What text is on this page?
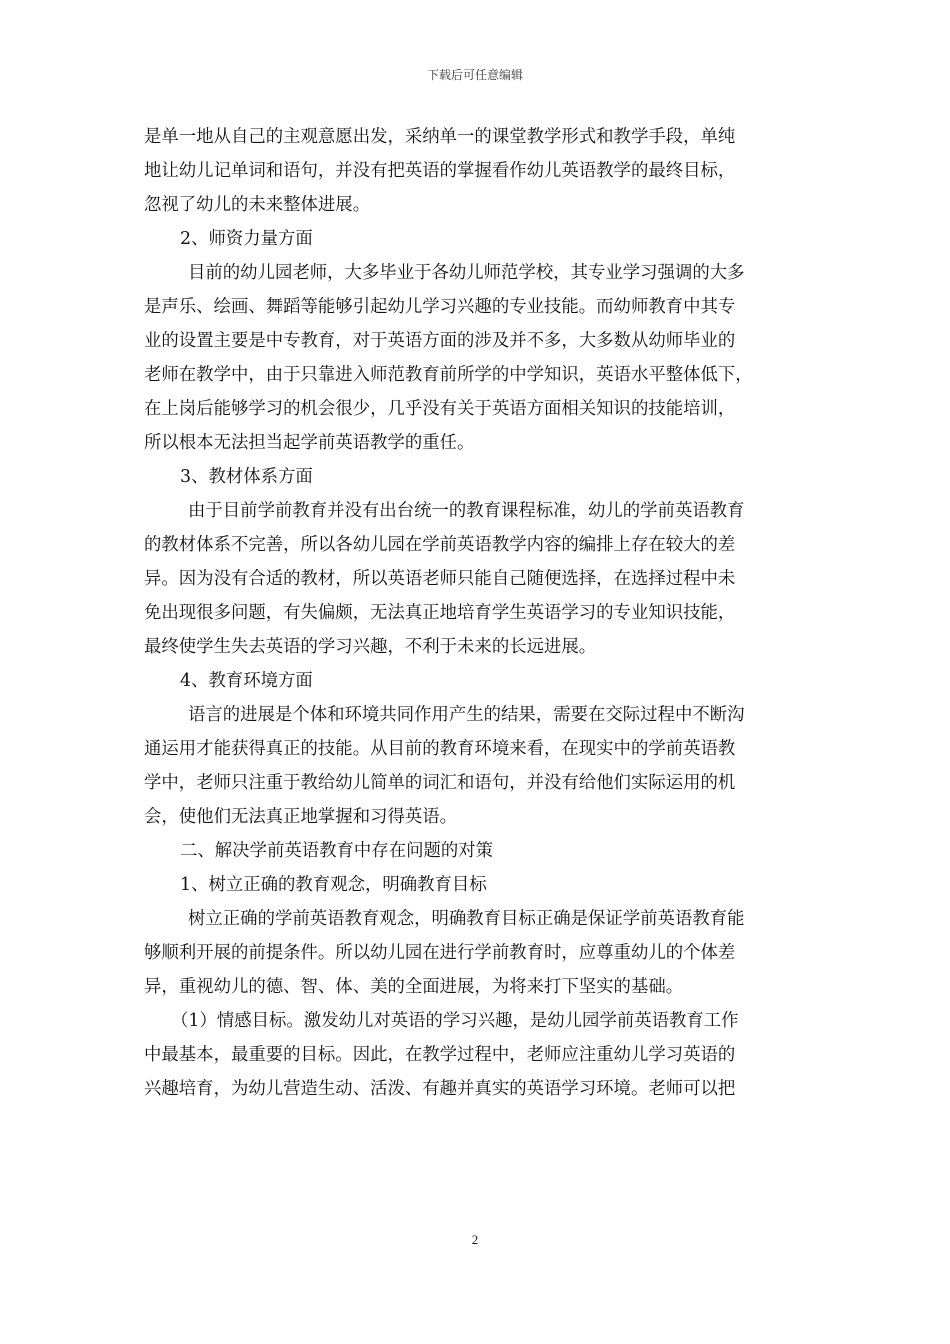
下载后可任意编辑
是单一地从自己的主观意愿出发，采纳单一的课堂教学形式和教学手段，单纯
地让幼儿记单词和语句，并没有把英语的掌握看作幼儿英语教学的最终目标，
忽视了幼儿的未来整体进展。
2、师资力量方面
目前的幼儿园老师，大多毕业于各幼儿师范学校，其专业学习强调的大多
是声乐、绘画、舞蹈等能够引起幼儿学习兴趣的专业技能。而幼师教育中其专
业的设置主要是中专教育，对于英语方面的涉及并不多，大多数从幼师毕业的
老师在教学中，由于只靠进入师范教育前所学的中学知识，英语水平整体低下，
在上岗后能够学习的机会很少，几乎没有关于英语方面相关知识的技能培训，
所以根本无法担当起学前英语教学的重任。
3、教材体系方面
由于目前学前教育并没有出台统一的教育课程标准，幼儿的学前英语教育
的教材体系不完善，所以各幼儿园在学前英语教学内容的编排上存在较大的差
异。因为没有合适的教材，所以英语老师只能自己随便选择，在选择过程中未
免出现很多问题，有失偏颇，无法真正地培育学生英语学习的专业知识技能，
最终使学生失去英语的学习兴趣，不利于未来的长远进展。
4、教育环境方面
语言的进展是个体和环境共同作用产生的结果，需要在交际过程中不断沟
通运用才能获得真正的技能。从目前的教育环境来看，在现实中的学前英语教
学中，老师只注重于教给幼儿简单的词汇和语句，并没有给他们实际运用的机
会，使他们无法真正地掌握和习得英语。
二、解决学前英语教育中存在问题的对策
1、树立正确的教育观念，明确教育目标
树立正确的学前英语教育观念，明确教育目标正确是保证学前英语教育能
够顺利开展的前提条件。所以幼儿园在进行学前教育时，应尊重幼儿的个体差
异，重视幼儿的德、智、体、美的全面进展，为将来打下坚实的基础。
（1）情感目标。激发幼儿对英语的学习兴趣，是幼儿园学前英语教育工作
中最基本，最重要的目标。因此，在教学过程中，老师应注重幼儿学习英语的
兴趣培育，为幼儿营造生动、活泼、有趣并真实的英语学习环境。老师可以把
2
